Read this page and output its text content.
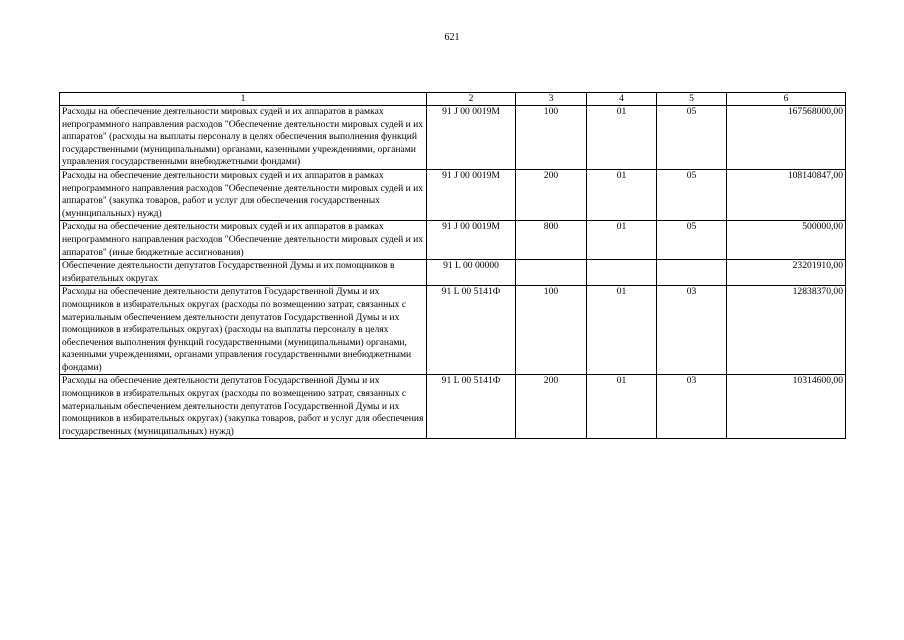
621
1	2	3	4	5	6
Расходы на обеспечение деятельности мировых судей и их аппаратов в рамках непрограммного направления расходов "Обеспечение деятельности мировых судей и их аппаратов" (расходы на выплаты персоналу в целях обеспечения выполнения функций государственными (муниципальными) органами, казенными учреждениями, органами управления государственными внебюджетными фондами)	91 J 00 0019M	100	01	05	167568000,00
Расходы на обеспечение деятельности мировых судей и их аппаратов в рамках непрограммного направления расходов "Обеспечение деятельности мировых судей и их аппаратов" (закупка товаров, работ и услуг для обеспечения государственных (муниципальных) нужд)	91 J 00 0019M	200	01	05	108140847,00
Расходы на обеспечение деятельности мировых судей и их аппаратов в рамках непрограммного направления расходов "Обеспечение деятельности мировых судей и их аппаратов" (иные бюджетные ассигнования)	91 J 00 0019M	800	01	05	500000,00
Обеспечение деятельности депутатов Государственной Думы и их помощников в избирательных округах	91 L 00 00000				23201910,00
Расходы на обеспечение деятельности депутатов Государственной Думы и их помощников в избирательных округах (расходы по возмещению затрат, связанных с материальным обеспечением деятельности депутатов Государственной Думы и их помощников в избирательных округах) (расходы на выплаты персоналу в целях обеспечения выполнения функций государственными (муниципальными) органами, казенными учреждениями, органами управления государственными внебюджетными фондами)	91 L 00 5141Ф	100	01	03	12838370,00
Расходы на обеспечение деятельности депутатов Государственной Думы и их помощников в избирательных округах (расходы по возмещению затрат, связанных с материальным обеспечением деятельности депутатов Государственной Думы и их помощников в избирательных округах) (закупка товаров, работ и услуг для обеспечения государственных (муниципальных) нужд)	91 L 00 5141Ф	200	01	03	10314600,00
